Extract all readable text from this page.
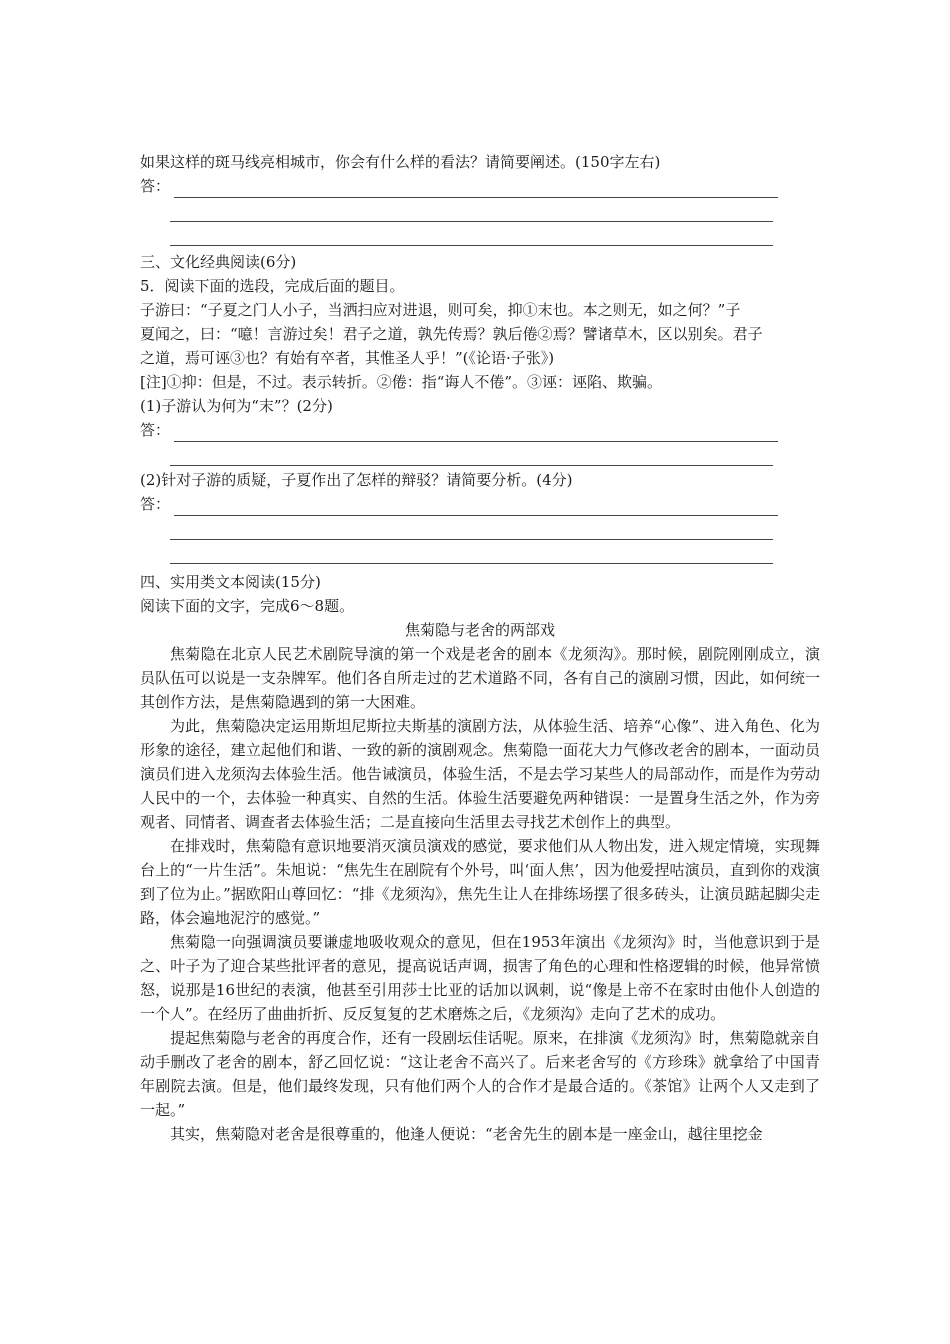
如果这样的斑马线亮相城市，你会有什么样的看法？请简要阐述。(150字左右)
答：
三、文化经典阅读(6分)
5．阅读下面的选段，完成后面的题目。
子游曰：“子夏之门人小子，当洒扫应对进退，则可矣，抑①末也。本之则无，如之何？”子
夏闻之，曰：“噫！言游过矣！君子之道，孰先传焉？孰后倦②焉？譬诸草木，区以别矣。君子
之道，焉可诬③也？有始有卒者，其惟圣人乎！”(《论语·子张》)
[注]①抑：但是，不过。表示转折。②倦：指“诲人不倦”。③诬：诬陷、欺骗。
(1)子游认为何为“末”？(2分)
答：
(2)针对子游的质疑，子夏作出了怎样的辩驳？请简要分析。(4分)
答：
四、实用类文本阅读(15分)
阅读下面的文字，完成6～8题。
焦菊隐与老舍的两部戏

焦菊隐在北京人民艺术剧院导演的第一个戏是老舍的剧本《龙须沟》。那时候，剧院刚刚成立，演员队伍可以说是一支杂牌军。他们各自所走过的艺术道路不同，各有自己的演剧习惯，因此，如何统一其创作方法，是焦菊隐遇到的第一大困难。

为此，焦菊隐决定运用斯坦尼斯拉夫斯基的演剧方法，从体验生活、培养“心像”、进入角色、化为形象的途径，建立起他们和谐、一致的新的演剧观念。焦菊隐一面花大力气修改老舍的剧本，一面动员演员们进入龙须沟去体验生活。他告诫演员，体验生活，不是去学习某些人的局部动作，而是作为劳动人民中的一个，去体验一种真实、自然的生活。体验生活要避免两种错误：一是置身生活之外，作为旁观者、同情者、调查者去体验生活；二是直接向生活里去寻找艺术创作上的典型。

在排戏时，焦菊隐有意识地要消灭演员演戏的感觉，要求他们从人物出发，进入规定情境，实现舞台上的“一片生活”。朱旭说：“焦先生在剧院有个外号，叫‘面人焦’，因为他爱捏咕演员，直到你的戏演到了位为止。”据欧阳山尊回忆：“排《龙须沟》，焦先生让人在排练场摆了很多砖头，让演员踮起脚尖走路，体会遍地泥泞的感觉。”

焦菊隐一向强调演员要谦虚地吸收观众的意见，但在1953年演出《龙须沟》时，当他意识到于是之、叶子为了迎合某些批评者的意见，提高说话声调，损害了角色的心理和性格逻辑的时候，他异常愤怒，说那是16世纪的表演，他甚至引用莎士比亚的话加以讽刺，说“像是上帝不在家时由他仆人创造的一个人”。在经历了曲曲折折、反反复复的艺术磨炼之后，《龙须沟》走向了艺术的成功。

提起焦菊隐与老舍的再度合作，还有一段剧坛佳话呢。原来，在排演《龙须沟》时，焦菊隐就亲自动手删改了老舍的剧本，舒乙回忆说：“这让老舍不高兴了。后来老舍写的《方珍珠》就拿给了中国青年剧院去演。但是，他们最终发现，只有他们两个人的合作才是最合适的。《茶馆》让两个人又走到了一起。”

其实，焦菊隐对老舍是很尊重的，他逢人便说：“老舍先生的剧本是一座金山，越往里挖金
